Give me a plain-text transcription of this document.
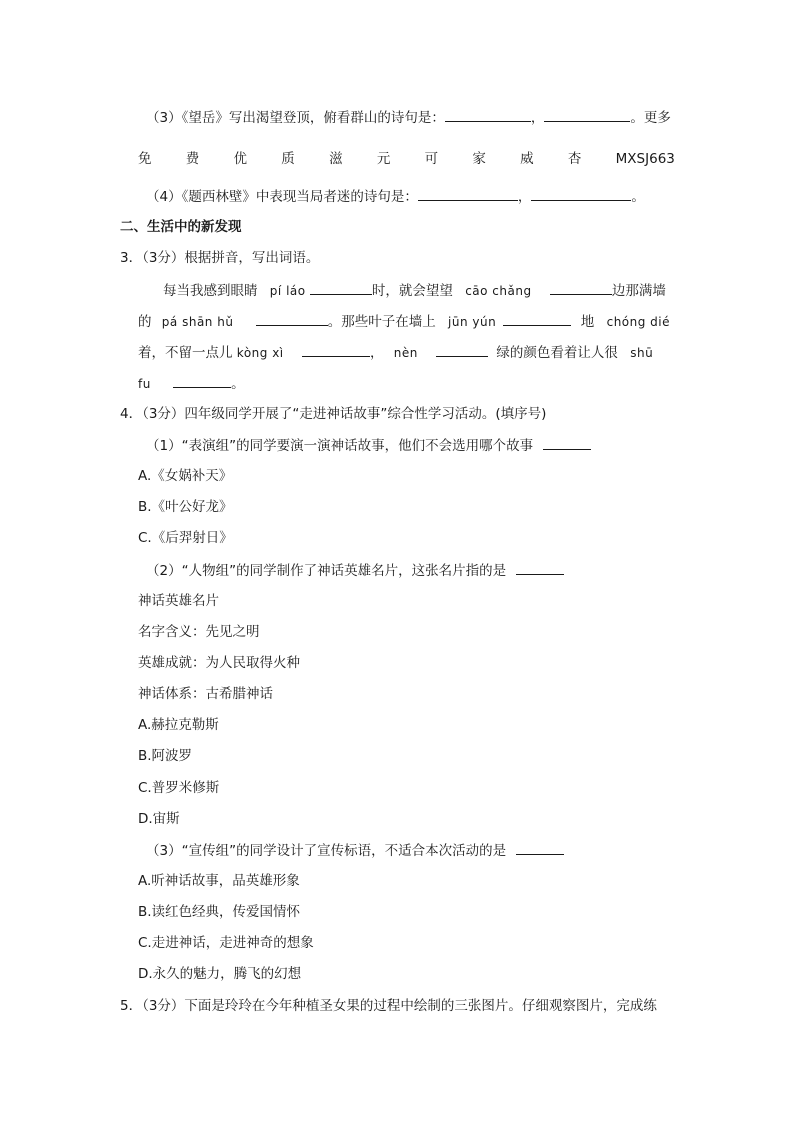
（3）《望岳》写出渴望登顶，俯看群山的诗句是：	，	。更多
免	费	优	质	滋	元	可	家	威	杏	MXSJ663
（4）《题西林壁》中表现当局者迷的诗句是：	，	。
二、生活中的新发现
3．（3分）根据拼音，写出词语。
每当我感到眼睛 pí láo	时，就会望望 cāo chǎng	边那满墙
的 pá shān hǔ	。那些叶子在墙上 jūn yún	地 chóng dié
着，不留一点儿 kòng xì	， nèn	绿的颜色看着让人很 shū
fu	。
4．（3分）四年级同学开展了“走进神话故事”综合性学习活动。(填序号)
（1）“表演组”的同学要演一演神话故事，他们不会选用哪个故事
A.《女娲补天》
B.《叶公好龙》
C.《后羿射日》
（2）“人物组”的同学制作了神话英雄名片，这张名片指的是
神话英雄名片
名字含义：先见之明
英雄成就：为人民取得火种
神话体系：古希腊神话
A.赫拉克勒斯
B.阿波罗
C.普罗米修斯
D.宙斯
（3）“宣传组”的同学设计了宣传标语，不适合本次活动的是
A.听神话故事，品英雄形象
B.读红色经典，传爱国情怀
C.走进神话，走进神奇的想象
D.永久的魅力，腾飞的幻想
5．（3分）下面是玲玲在今年种植圣女果的过程中绘制的三张图片。仔细观察图片，完成练
